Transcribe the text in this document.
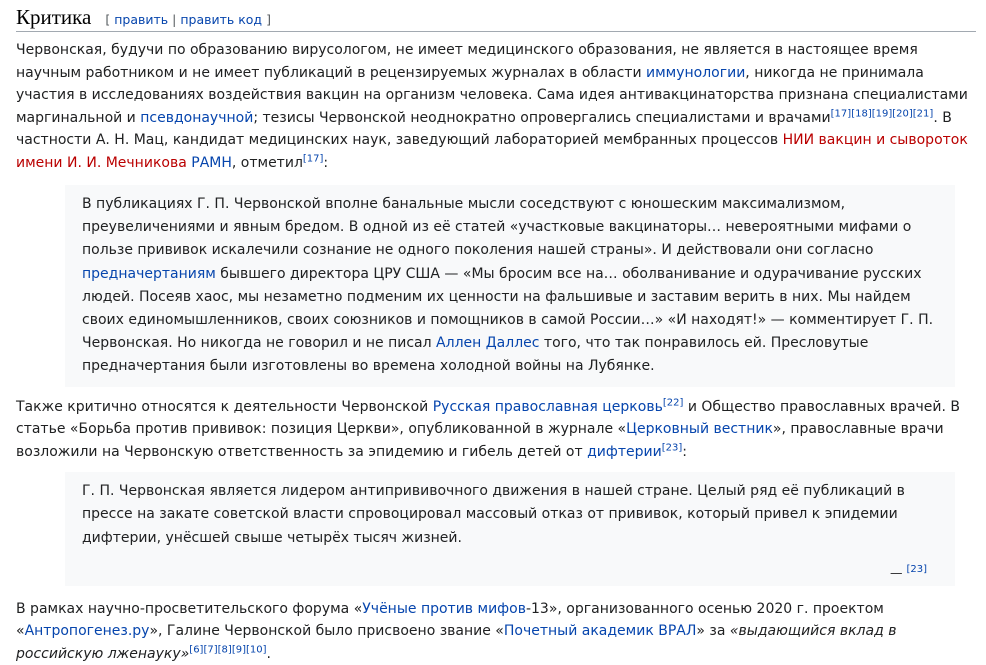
Критика [ править | править код ]

Червонская, будучи по образованию вирусологом, не имеет медицинского образования, не является в настоящее время научным работником и не имеет публикаций в рецензируемых журналах в области иммунологии, никогда не принимала участия в исследованиях воздействия вакцин на организм человека. Сама идея антивакцинаторства признана специалистами маргинальной и псевдонаучной; тезисы Червонской неоднократно опровергались специалистами и врачами[17][18][19][20][21]. В частности А. Н. Мац, кандидат медицинских наук, заведующий лабораторией мембранных процессов НИИ вакцин и сывороток имени И. И. Мечникова РАМН, отметил[17]:

В публикациях Г. П. Червонской вполне банальные мысли соседствуют с юношеским максимализмом, преувеличениями и явным бредом. В одной из её статей «участковые вакцинаторы… невероятными мифами о пользе прививок искалечили сознание не одного поколения нашей страны». И действовали они согласно предначертаниям бывшего директора ЦРУ США — «Мы бросим все на… оболванивание и одурачивание русских людей. Посеяв хаос, мы незаметно подменим их ценности на фальшивые и заставим верить в них. Мы найдем своих единомышленников, своих союзников и помощников в самой России…» «И находят!» — комментирует Г. П. Червонская. Но никогда не говорил и не писал Аллен Даллес того, что так понравилось ей. Пресловутые предначертания были изготовлены во времена холодной войны на Лубянке.

Также критично относятся к деятельности Червонской Русская православная церковь[22] и Общество православных врачей. В статье «Борьба против прививок: позиция Церкви», опубликованной в журнале «Церковный вестник», православные врачи возложили на Червонскую ответственность за эпидемию и гибель детей от дифтерии[23]:

Г. П. Червонская является лидером антипрививочного движения в нашей стране. Целый ряд её публикаций в прессе на закате советской власти спровоцировал массовый отказ от прививок, который привел к эпидемии дифтерии, унёсшей свыше четырёх тысяч жизней.

— [23]

В рамках научно-просветительского форума «Учёные против мифов-13», организованного осенью 2020 г. проектом «Антропогенез.ру», Галине Червонской было присвоено звание «Почетный академик ВРАЛ» за «выдающийся вклад в российскую лженауку»[6][7][8][9][10].
